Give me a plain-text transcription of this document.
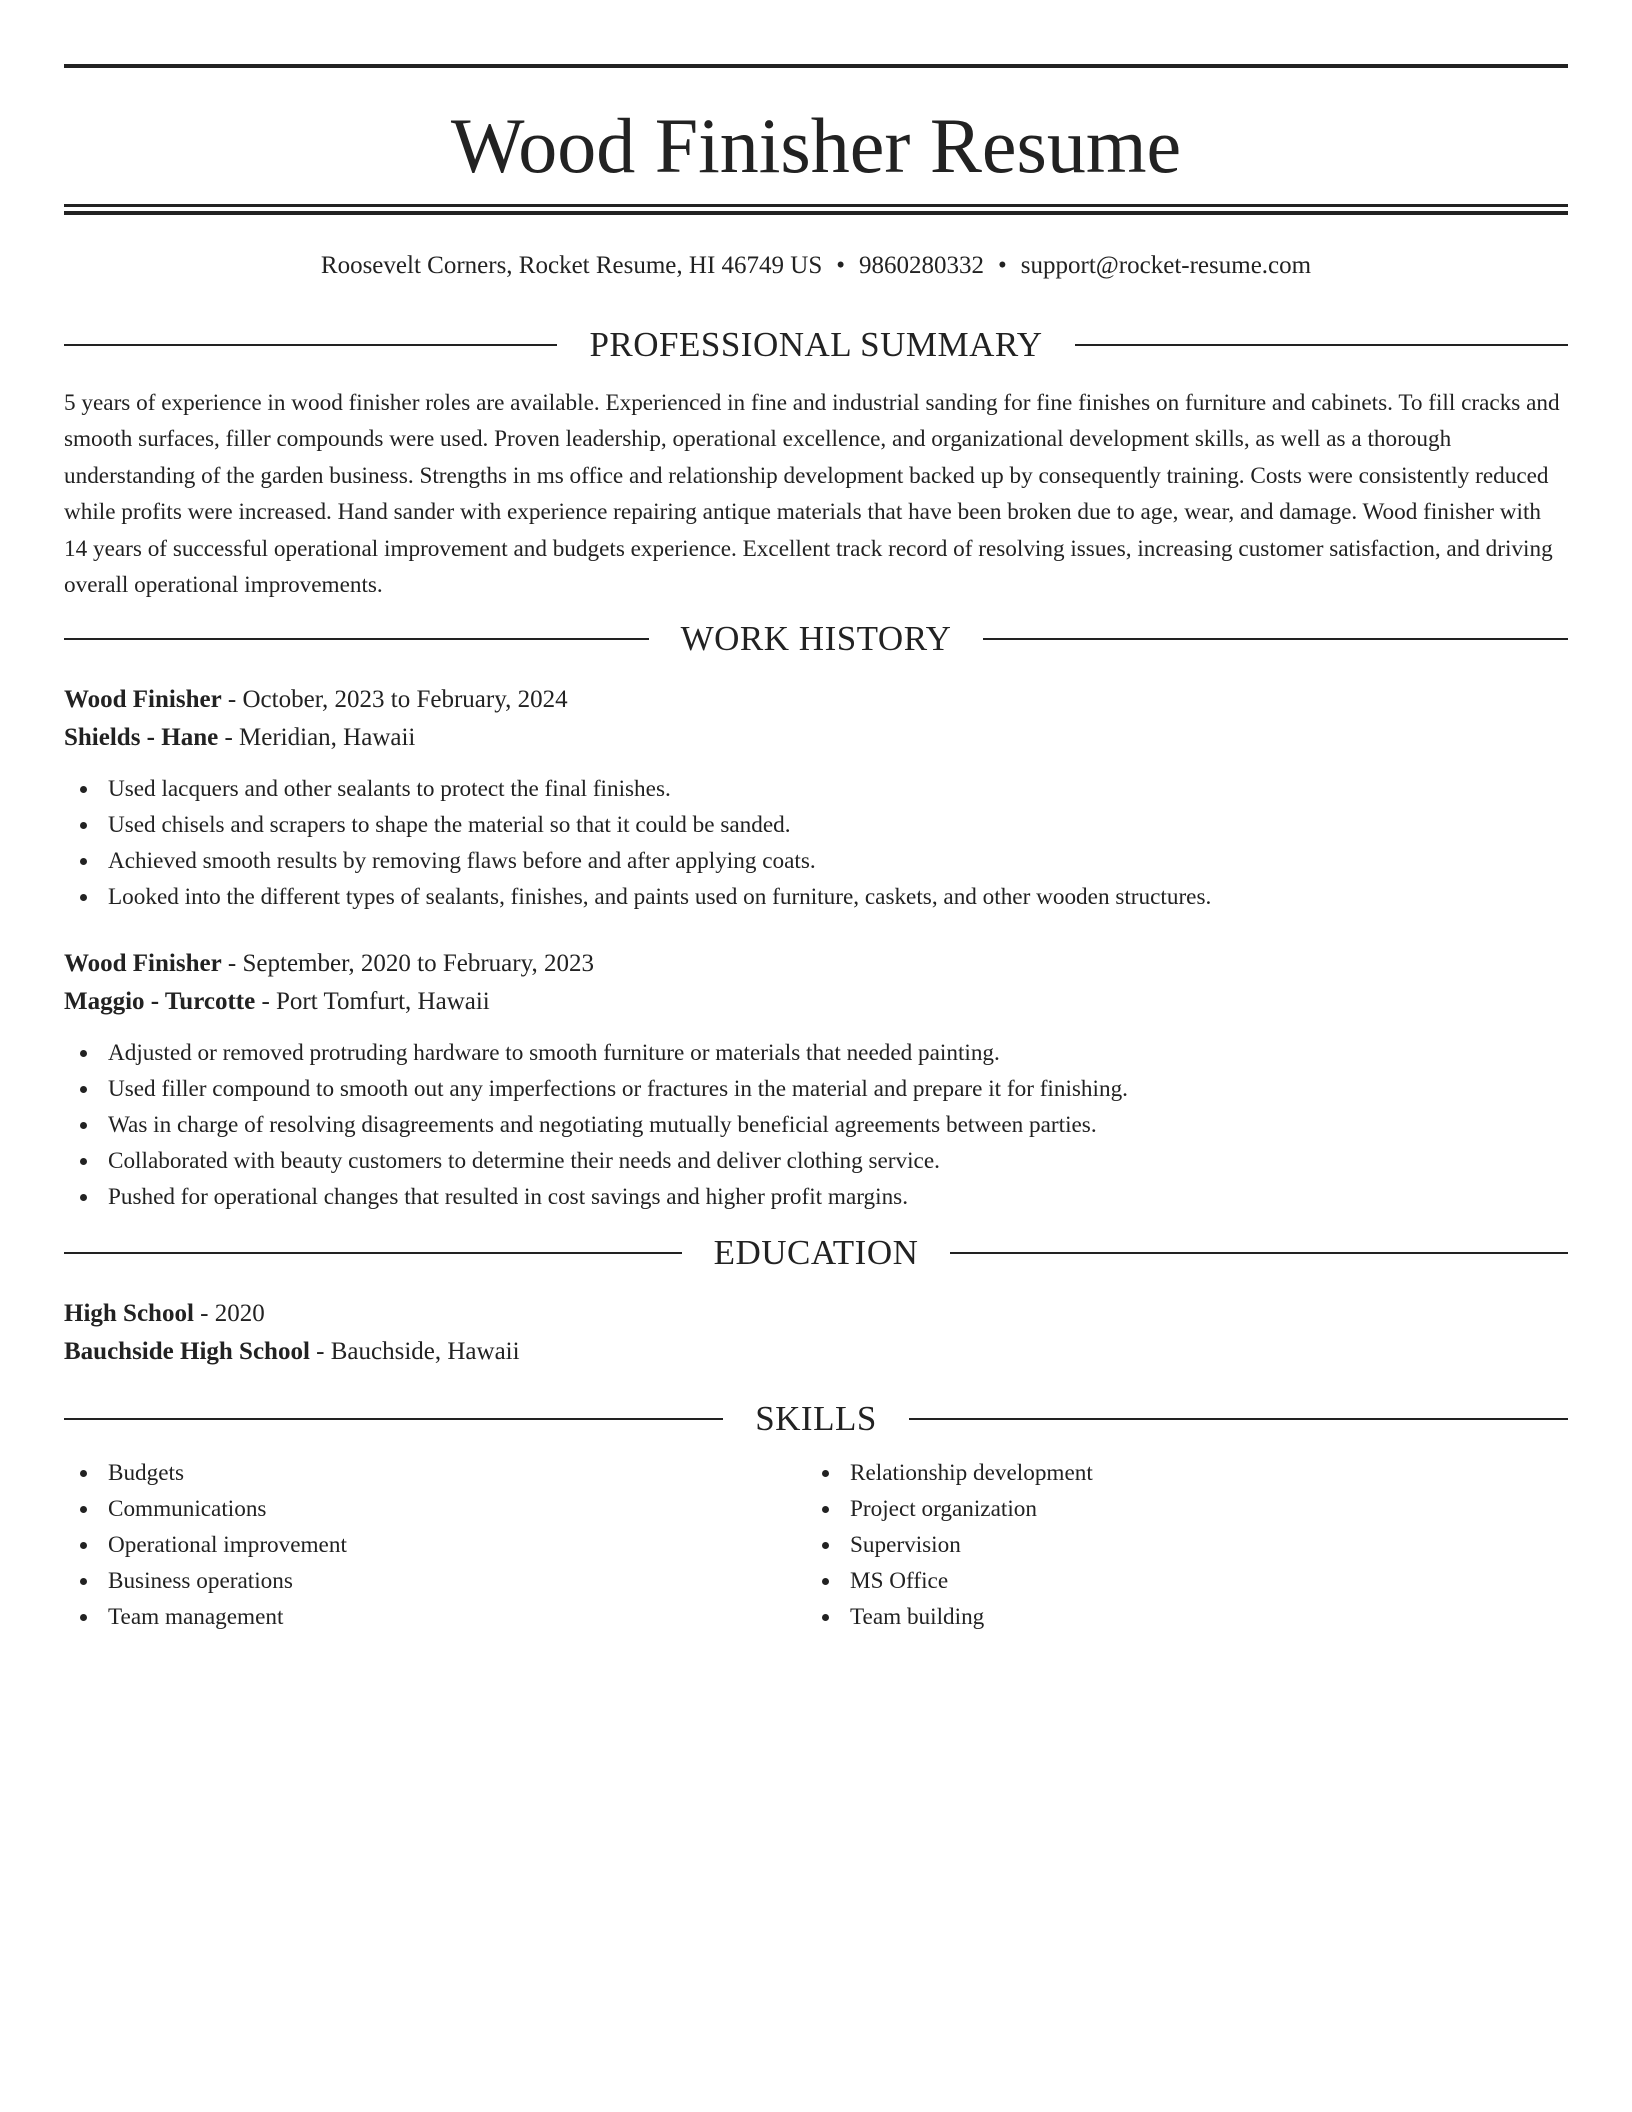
Wood Finisher Resume
Roosevelt Corners, Rocket Resume, HI 46749 US • 9860280332 • support@rocket-resume.com
PROFESSIONAL SUMMARY

5 years of experience in wood finisher roles are available. Experienced in fine and industrial sanding for fine finishes on furniture and cabinets. To fill cracks and smooth surfaces, filler compounds were used. Proven leadership, operational excellence, and organizational development skills, as well as a thorough understanding of the garden business. Strengths in ms office and relationship development backed up by consequently training. Costs were consistently reduced while profits were increased. Hand sander with experience repairing antique materials that have been broken due to age, wear, and damage. Wood finisher with 14 years of successful operational improvement and budgets experience. Excellent track record of resolving issues, increasing customer satisfaction, and driving overall operational improvements.

WORK HISTORY
Wood Finisher - October, 2023 to February, 2024
Shields - Hane - Meridian, Hawaii
Used lacquers and other sealants to protect the final finishes.
Used chisels and scrapers to shape the material so that it could be sanded.
Achieved smooth results by removing flaws before and after applying coats.
Looked into the different types of sealants, finishes, and paints used on furniture, caskets, and other wooden structures.
Wood Finisher - September, 2020 to February, 2023
Maggio - Turcotte - Port Tomfurt, Hawaii
Adjusted or removed protruding hardware to smooth furniture or materials that needed painting.
Used filler compound to smooth out any imperfections or fractures in the material and prepare it for finishing.
Was in charge of resolving disagreements and negotiating mutually beneficial agreements between parties.
Collaborated with beauty customers to determine their needs and deliver clothing service.
Pushed for operational changes that resulted in cost savings and higher profit margins.
EDUCATION
High School - 2020
Bauchside High School - Bauchside, Hawaii
SKILLS
Budgets
Communications
Operational improvement
Business operations
Team management
Relationship development
Project organization
Supervision
MS Office
Team building
